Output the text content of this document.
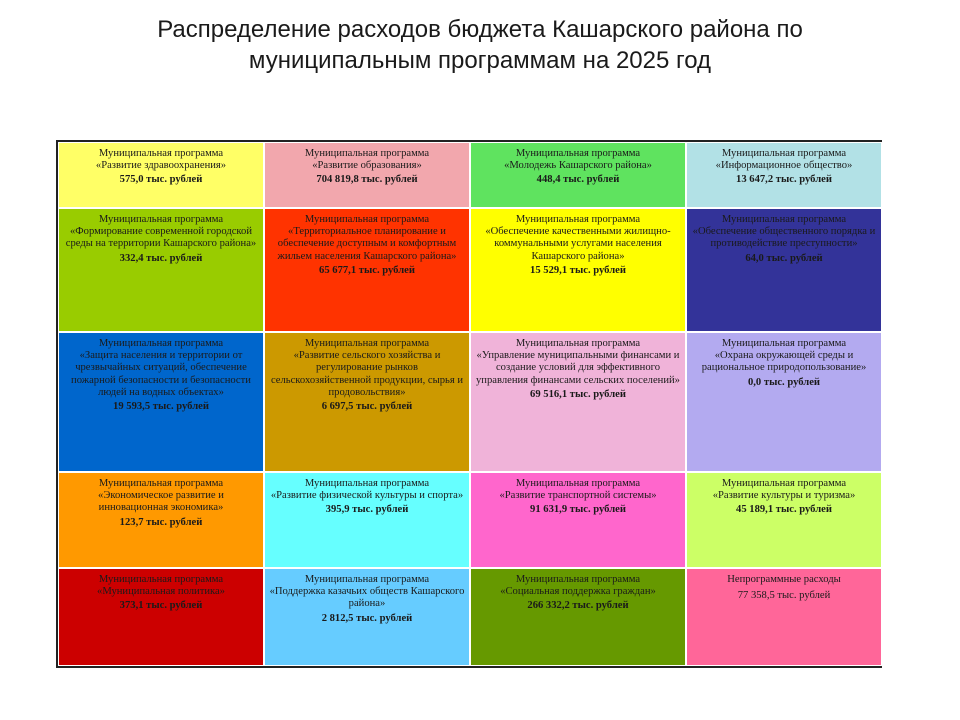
Распределение расходов бюджета Кашарского района по
муниципальным программам на 2025 год
Муниципальная программа
«Развитие здравоохранения»
575,0 тыс. рублей
Муниципальная программа
«Развитие образования»
704 819,8 тыс. рублей
Муниципальная программа
«Молодежь Кашарского района»
448,4 тыс. рублей
Муниципальная программа
«Информационное общество»
13 647,2 тыс. рублей
Муниципальная программа
«Формирование современной городской среды на территории Кашарского района»
332,4 тыс. рублей
Муниципальная программа
«Территориальное планирование и обеспечение доступным и комфортным жильем населения Кашарского района»
65 677,1 тыс. рублей
Муниципальная программа
«Обеспечение качественными жилищно-коммунальными услугами населения Кашарского района»
15 529,1 тыс. рублей
Муниципальная программа
«Обеспечение общественного порядка и противодействие преступности»
64,0 тыс. рублей
Муниципальная программа
«Защита населения и территории от чрезвычайных ситуаций, обеспечение пожарной безопасности и безопасности людей на водных объектах»
19 593,5 тыс. рублей
Муниципальная программа
«Развитие сельского хозяйства и регулирование рынков сельскохозяйственной продукции, сырья и продовольствия»
6 697,5 тыс. рублей
Муниципальная программа
«Управление муниципальными финансами и создание условий для эффективного управления финансами сельских поселений»
69 516,1 тыс. рублей
Муниципальная программа
«Охрана окружающей среды и рациональное природопользование»
0,0 тыс. рублей
Муниципальная программа
«Экономическое развитие и инновационная экономика»
123,7 тыс. рублей
Муниципальная программа
«Развитие физической культуры и спорта»
395,9 тыс. рублей
Муниципальная программа
«Развитие транспортной системы»
91 631,9 тыс. рублей
Муниципальная программа
«Развитие культуры и туризма»
45 189,1 тыс. рублей
Муниципальная программа
«Муниципальная политика»
373,1 тыс. рублей
Муниципальная программа
«Поддержка казачьих обществ Кашарского района»
2 812,5 тыс. рублей
Муниципальная программа
«Социальная поддержка граждан»
266 332,2 тыс. рублей
Непрограммные расходы
77 358,5 тыс. рублей
